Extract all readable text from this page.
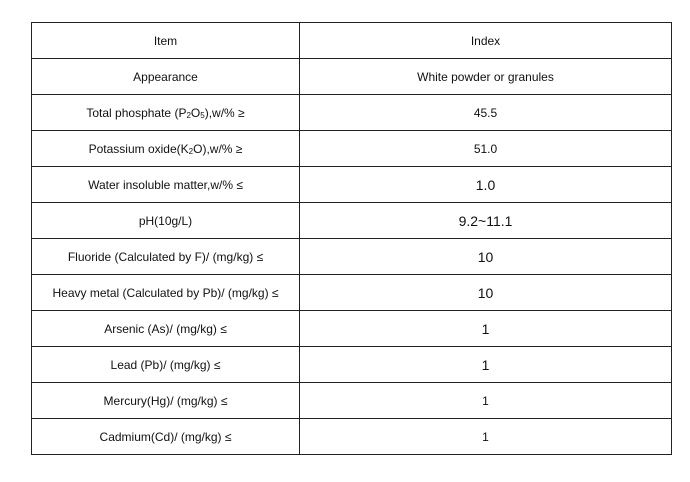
Item	Index
Appearance	White powder or granules
Total phosphate $(P_2O_5),w/\%$ ≥	45.5
Potassium $oxide(K_2O),w/\%$ ≥	51.0
Water insoluble matter,w/% ≤	1.0
pH(10g/L)	9.2~11.1
Fluoride (Calculated by F)/ (mg/kg) ≤	10
Heavy metal (Calculated by Pb)/ (mg/kg) ≤	10
Arsenic (As)/ (mg/kg) ≤	1
Lead (Pb)/ (mg/kg) ≤	1
Mercury(Hg)/ (mg/kg) ≤	1
Cadmium(Cd)/ (mg/kg) ≤	1
